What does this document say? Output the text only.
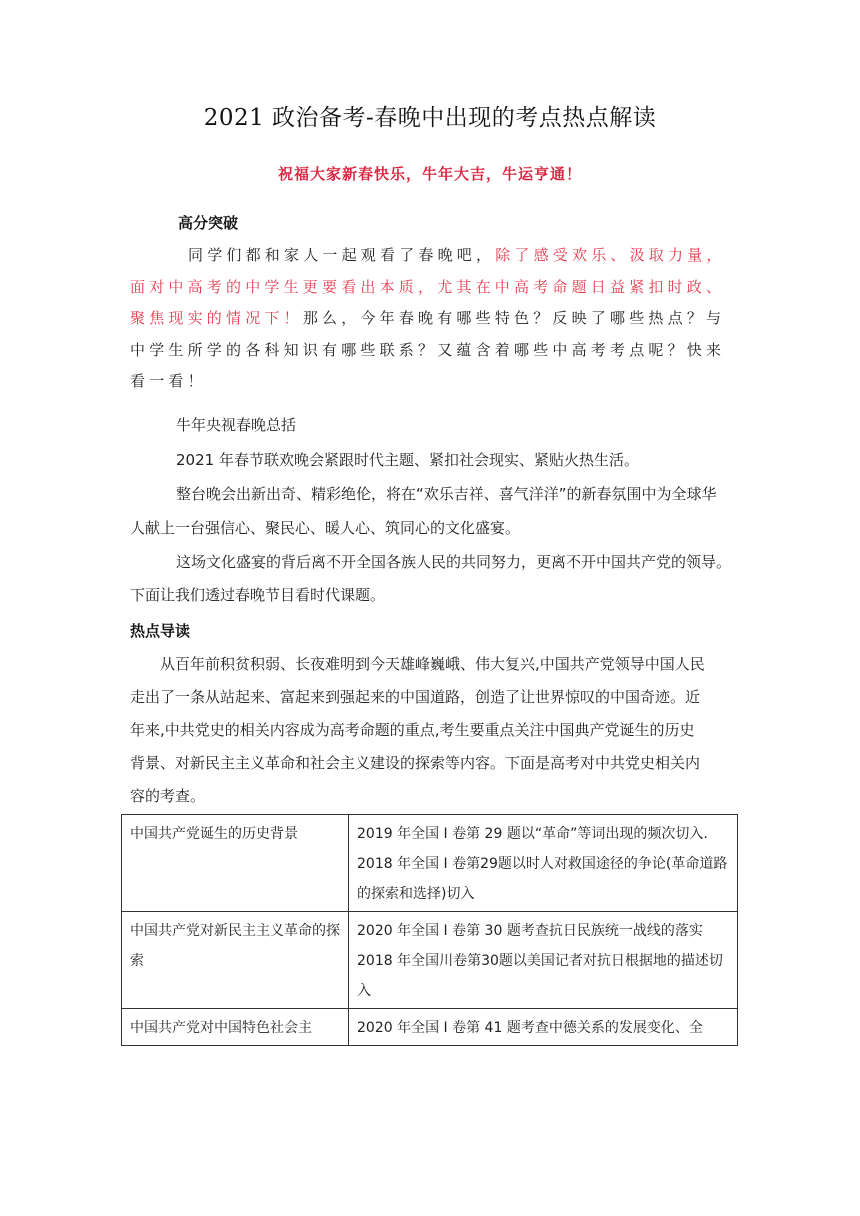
2021 政治备考-春晚中出现的考点热点解读
祝福大家新春快乐，牛年大吉，牛运亨通！
高分突破
同学们都和家人一起观看了春晚吧，除了感受欢乐、汲取力量，面对中高考的中学生更要看出本质，尤其在中高考命题日益紧扣时政、聚焦现实的情况下！那么，今年春晚有哪些特色？反映了哪些热点？与中学生所学的各科知识有哪些联系？又蕴含着哪些中高考考点呢？快来看一看！
牛年央视春晚总括
2021 年春节联欢晚会紧跟时代主题、紧扣社会现实、紧贴火热生活。
整台晚会出新出奇、精彩绝伦，将在“欢乐吉祥、喜气洋洋”的新春氛围中为全球华
人献上一台强信心、聚民心、暖人心、筑同心的文化盛宴。
这场文化盛宴的背后离不开全国各族人民的共同努力，更离不开中国共产党的领导。
下面让我们透过春晚节目看时代课题。
热点导读
从百年前积贫积弱、长夜难明到今天雄峰巍峨、伟大复兴,中国共产党领导中国人民
走出了一条从站起来、富起来到强起来的中国道路，创造了让世界惊叹的中国奇迹。近
年来,中共党史的相关内容成为高考命题的重点,考生要重点关注中国典产党诞生的历史
背景、对新民主主义革命和社会主义建设的探索等内容。下面是高考对中共党史相关内
容的考查。
中国共产党诞生的历史背景	2019 年全国 I 卷第 29 题以“革命”等词出现的频次切入.
2018 年全国 I 卷第29题以时人对救国途径的争论(革命道路的探索和选择)切入

中国共产党对新民主主义革命的探索	2020 年全国 I 卷第 30 题考查抗日民族统一战线的落实
2018 年全国川卷第30题以美国记者对抗日根据地的描述切入

中国共产党对中国特色社会主	2020 年全国 I 卷第 41 题考查中德关系的发展变化、全
